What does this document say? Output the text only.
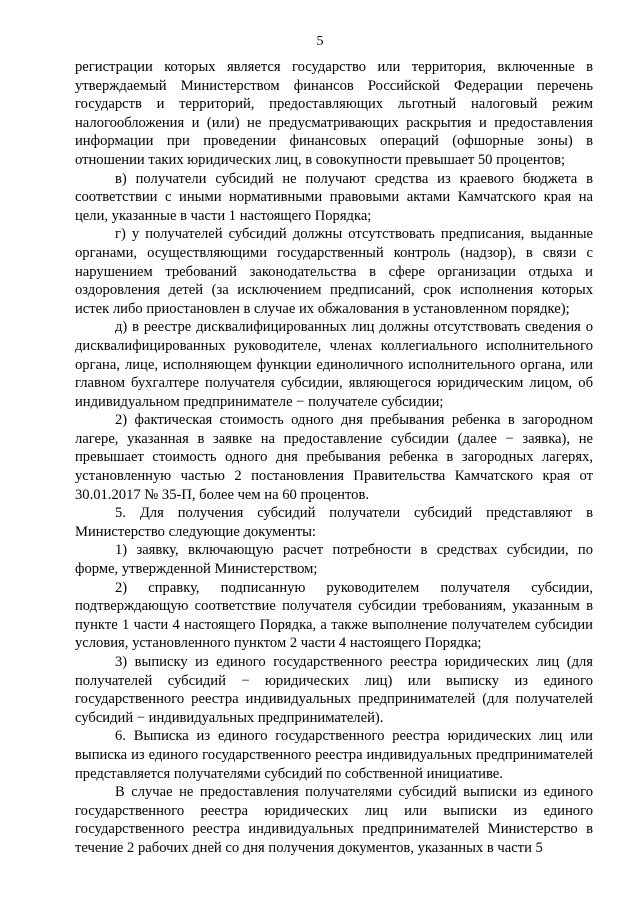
5

регистрации которых является государство или территория, включенные в утверждаемый Министерством финансов Российской Федерации перечень государств и территорий, предоставляющих льготный налоговый режим налогообложения и (или) не предусматривающих раскрытия и предоставления информации при проведении финансовых операций (офшорные зоны) в отношении таких юридических лиц, в совокупности превышает 50 процентов;

в) получатели субсидий не получают средства из краевого бюджета в соответствии с иными нормативными правовыми актами Камчатского края на цели, указанные в части 1 настоящего Порядка;

г) у получателей субсидий должны отсутствовать предписания, выданные органами, осуществляющими государственный контроль (надзор), в связи с нарушением требований законодательства в сфере организации отдыха и оздоровления детей (за исключением предписаний, срок исполнения которых истек либо приостановлен в случае их обжалования в установленном порядке);

д) в реестре дисквалифицированных лиц должны отсутствовать сведения о дисквалифицированных руководителе, членах коллегиального исполнительного органа, лице, исполняющем функции единоличного исполнительного органа, или главном бухгалтере получателя субсидии, являющегося юридическим лицом, об индивидуальном предпринимателе − получателе субсидии;

2) фактическая стоимость одного дня пребывания ребенка в загородном лагере, указанная в заявке на предоставление субсидии (далее − заявка), не превышает стоимость одного дня пребывания ребенка в загородных лагерях, установленную частью 2 постановления Правительства Камчатского края от 30.01.2017 № 35-П, более чем на 60 процентов.

5. Для получения субсидий получатели субсидий представляют в Министерство следующие документы:

1) заявку, включающую расчет потребности в средствах субсидии, по форме, утвержденной Министерством;

2) справку, подписанную руководителем получателя субсидии, подтверждающую соответствие получателя субсидии требованиям, указанным в пункте 1 части 4 настоящего Порядка, а также выполнение получателем субсидии условия, установленного пунктом 2 части 4 настоящего Порядка;

3) выписку из единого государственного реестра юридических лиц (для получателей субсидий − юридических лиц) или выписку из единого государственного реестра индивидуальных предпринимателей (для получателей субсидий − индивидуальных предпринимателей).

6. Выписка из единого государственного реестра юридических лиц или выписка из единого государственного реестра индивидуальных предпринимателей представляется получателями субсидий по собственной инициативе.

В случае не предоставления получателями субсидий выписки из единого государственного реестра юридических лиц или выписки из единого государственного реестра индивидуальных предпринимателей Министерство в течение 2 рабочих дней со дня получения документов, указанных в части 5
